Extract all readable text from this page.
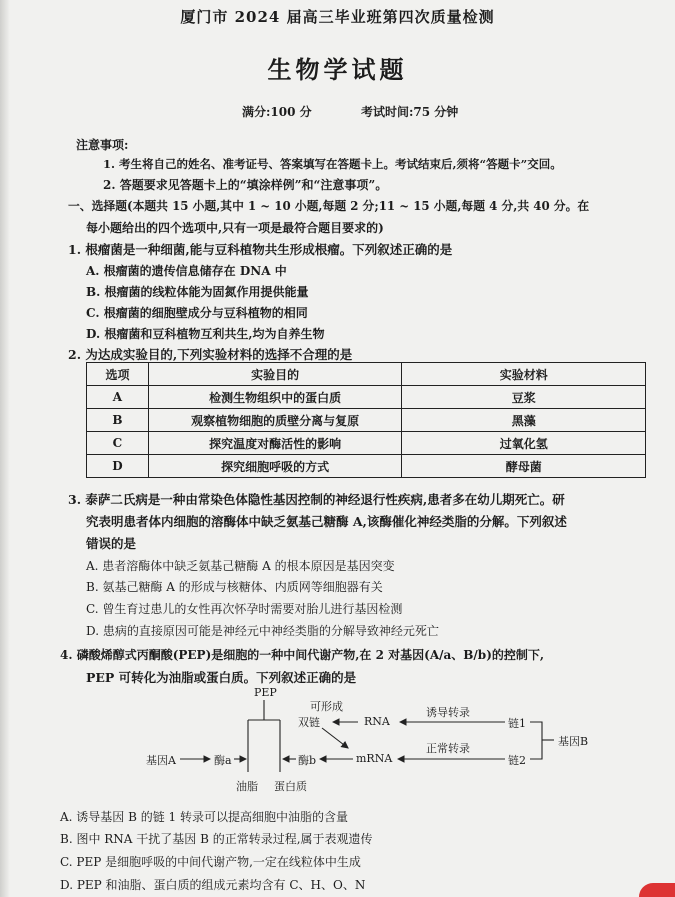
厦门市 2024 届高三毕业班第四次质量检测
生物学试题
满分:100 分	考试时间:75 分钟
注意事项:
1. 考生将自己的姓名、准考证号、答案填写在答题卡上。考试结束后,须将“答题卡”交回。
2. 答题要求见答题卡上的“填涂样例”和“注意事项”。
一、选择题(本题共 15 小题,其中 1 ~ 10 小题,每题 2 分;11 ~ 15 小题,每题 4 分,共 40 分。在
每小题给出的四个选项中,只有一项是最符合题目要求的)
1. 根瘤菌是一种细菌,能与豆科植物共生形成根瘤。下列叙述正确的是
A. 根瘤菌的遗传信息储存在 DNA 中
B. 根瘤菌的线粒体能为固氮作用提供能量
C. 根瘤菌的细胞壁成分与豆科植物的相同
D. 根瘤菌和豆科植物互利共生,均为自养生物
2. 为达成实验目的,下列实验材料的选择不合理的是
选项	实验目的	实验材料
A	检测生物组织中的蛋白质	豆浆
B	观察植物细胞的质壁分离与复原	黑藻
C	探究温度对酶活性的影响	过氧化氢
D	探究细胞呼吸的方式	酵母菌
3. 泰萨二氏病是一种由常染色体隐性基因控制的神经退行性疾病,患者多在幼儿期死亡。研
究表明患者体内细胞的溶酶体中缺乏氨基己糖酶 A,该酶催化神经类脂的分解。下列叙述
错误的是
A. 患者溶酶体中缺乏氨基己糖酶 A 的根本原因是基因突变
B. 氨基己糖酶 A 的形成与核糖体、内质网等细胞器有关
C. 曾生育过患儿的女性再次怀孕时需要对胎儿进行基因检测
D. 患病的直接原因可能是神经元中神经类脂的分解导致神经元死亡
4. 磷酸烯醇式丙酮酸(PEP)是细胞的一种中间代谢产物,在 2 对基因(A/a、B/b)的控制下,
PEP 可转化为油脂或蛋白质。下列叙述正确的是
PEP
可形成
双链	RNA
诱导转录
链1
基因A	酶a	酶b	mRNA
正常转录
链2
基因B
油脂 蛋白质
A. 诱导基因 B 的链 1 转录可以提高细胞中油脂的含量
B. 图中 RNA 干扰了基因 B 的正常转录过程,属于表观遗传
C. PEP 是细胞呼吸的中间代谢产物,一定在线粒体中生成
D. PEP 和油脂、蛋白质的组成元素均含有 C、H、O、N
